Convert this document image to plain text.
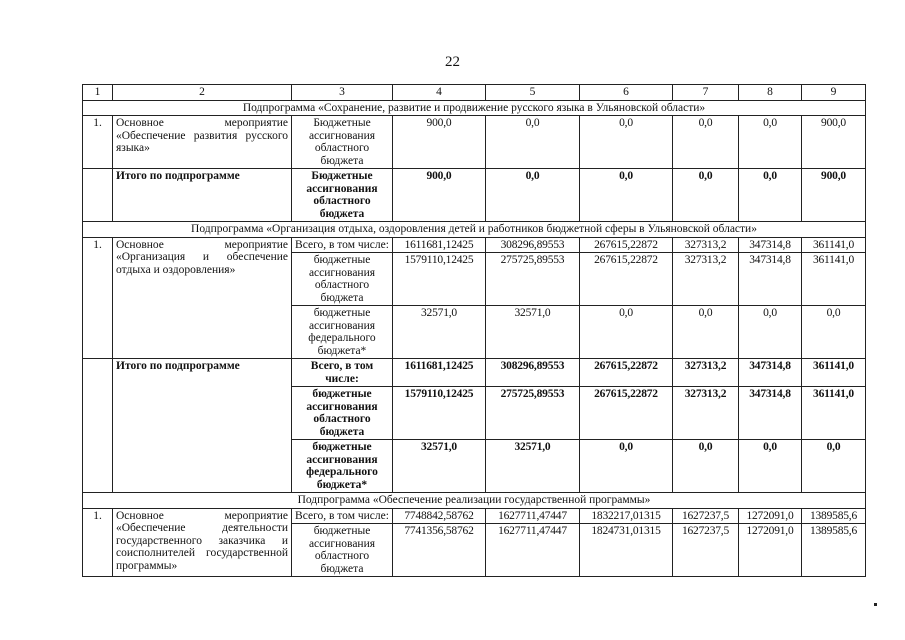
22
1	2	3	4	5	6	7	8	9
Подпрограмма «Сохранение, развитие и продвижение русского языка в Ульяновской области»								
1.	Основное мероприятие «Обеспечение развития русского языка»	Бюджетные ассигнования областного бюджета	900,0	0,0	0,0	0,0	0,0	900,0
	Итого по подпрограмме	Бюджетные ассигнования областного бюджета	900,0	0,0	0,0	0,0	0,0	900,0
Подпрограмма «Организация отдыха, оздоровления детей и работников бюджетной сферы в Ульяновской области»								
1.	Основное мероприятие «Организация и обеспечение отдыха и оздоровления»	Всего, в том числе:	1611681,12425	308296,89553	267615,22872	327313,2	347314,8	361141,0
		бюджетные ассигнования областного бюджета	1579110,12425	275725,89553	267615,22872	327313,2	347314,8	361141,0
		бюджетные ассигнования федерального бюджета*	32571,0	32571,0	0,0	0,0	0,0	0,0
	Итого по подпрограмме	Всего, в том числе:	1611681,12425	308296,89553	267615,22872	327313,2	347314,8	361141,0
		бюджетные ассигнования областного бюджета	1579110,12425	275725,89553	267615,22872	327313,2	347314,8	361141,0
		бюджетные ассигнования федерального бюджета*	32571,0	32571,0	0,0	0,0	0,0	0,0
Подпрограмма «Обеспечение реализации государственной программы»								
1.	Основное мероприятие «Обеспечение деятельности государственного заказчика и соисполнителей государственной программы»	Всего, в том числе:	7748842,58762	1627711,47447	1832217,01315	1627237,5	1272091,0	1389585,6
		бюджетные ассигнования областного бюджета	7741356,58762	1627711,47447	1824731,01315	1627237,5	1272091,0	1389585,6
